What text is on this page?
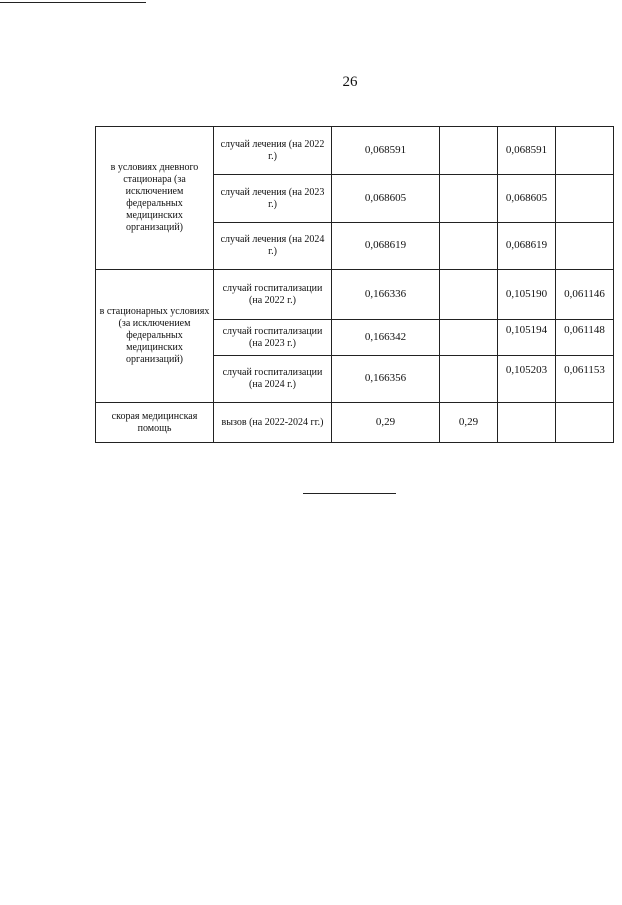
26
в условиях дневного стационара (за исключением федеральных медицинских организаций)	случай лечения (на 2022 г.)	0,068591		0,068591	
	случай лечения (на 2023 г.)	0,068605		0,068605	
	случай лечения (на 2024 г.)	0,068619		0,068619	
в стационарных условиях (за исключением федеральных медицинских организаций)	случай госпитализации (на 2022 г.)	0,166336		0,105190	0,061146
	случай госпитализации (на 2023 г.)	0,166342		0,105194	0,061148
	случай госпитализации (на 2024 г.)	0,166356		0,105203	0,061153
скорая медицинская помощь	вызов (на 2022-2024 гг.)	0,29	0,29		
